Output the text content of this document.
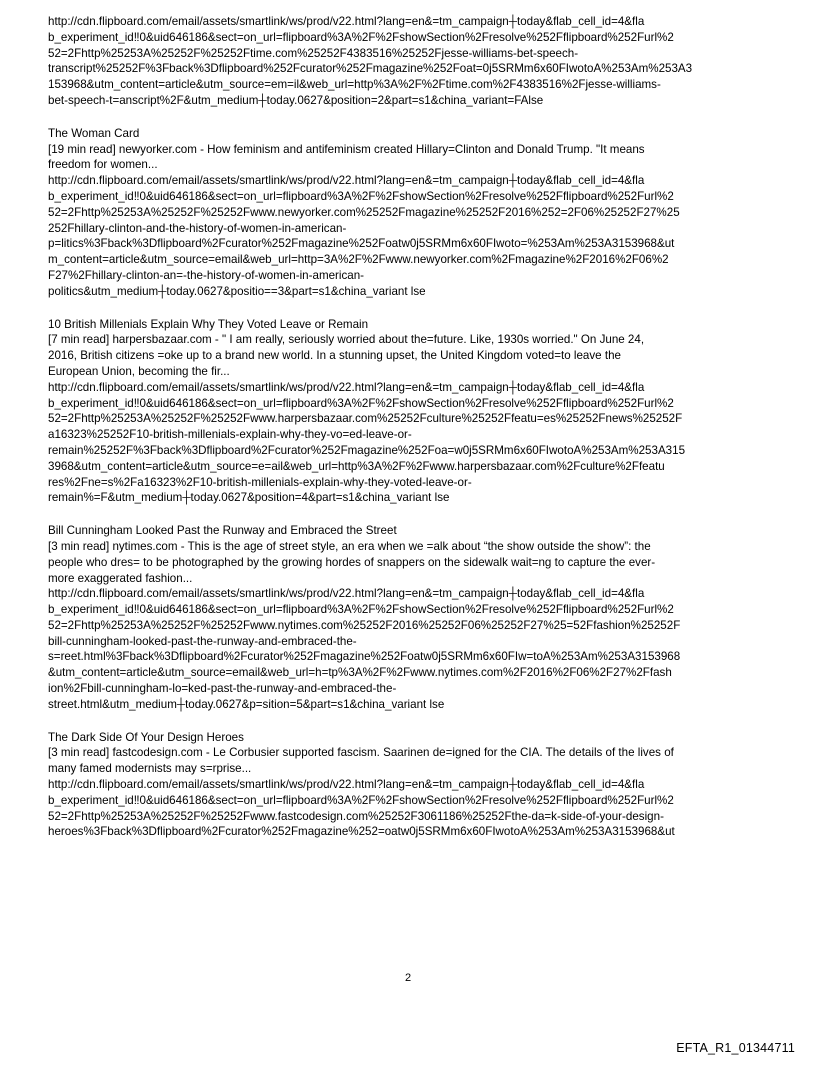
http://cdn.flipboard.com/email/assets/smartlink/ws/prod/v22.html?lang=en&=tm_campaign┼today&flab_cell_id=4&fla

b_experiment_id‼0&uid646186&sect=on_url=flipboard%3A%2F%2FshowSection%2Fresolve%252Fflipboard%252Furl%2

52=2Fhttp%25253A%25252F%25252Ftime.com%25252F4383516%25252Fjesse-williams-bet-speech-

transcript%25252F%3Fback%3Dflipboard%252Fcurator%252Fmagazine%252Foat=0j5SRMm6x60FIwotoA%253Am%253A3

153968&utm_content=article&utm_source=em=il&web_url=http%3A%2F%2Ftime.com%2F4383516%2Fjesse-williams-

bet-speech-t=anscript%2F&utm_medium┼today.0627&position=2&part=s1&china_variant=FAlse

The Woman Card

[19 min read] newyorker.com - How feminism and antifeminism created Hillary=Clinton and Donald Trump. "It means

freedom for women...

http://cdn.flipboard.com/email/assets/smartlink/ws/prod/v22.html?lang=en&=tm_campaign┼today&flab_cell_id=4&fla

b_experiment_id‼0&uid646186&sect=on_url=flipboard%3A%2F%2FshowSection%2Fresolve%252Fflipboard%252Furl%2

52=2Fhttp%25253A%25252F%25252Fwww.newyorker.com%25252Fmagazine%25252F2016%252=2F06%25252F27%25

252Fhillary-clinton-and-the-history-of-women-in-american-

p=litics%3Fback%3Dflipboard%2Fcurator%252Fmagazine%252Foatw0j5SRMm6x60FIwoto=%253Am%253A3153968&ut

m_content=article&utm_source=email&web_url=http=3A%2F%2Fwww.newyorker.com%2Fmagazine%2F2016%2F06%2

F27%2Fhillary-clinton-an=-the-history-of-women-in-american-

politics&utm_medium┼today.0627&positio==3&part=s1&china_variant lse

10 British Millenials Explain Why They Voted Leave or Remain

[7 min read] harpersbazaar.com - " I am really, seriously worried about the=future. Like, 1930s worried." On June 24,

2016, British citizens =oke up to a brand new world. In a stunning upset, the United Kingdom voted=to leave the

European Union, becoming the fir...

http://cdn.flipboard.com/email/assets/smartlink/ws/prod/v22.html?lang=en&=tm_campaign┼today&flab_cell_id=4&fla

b_experiment_id‼0&uid646186&sect=on_url=flipboard%3A%2F%2FshowSection%2Fresolve%252Fflipboard%252Furl%2

52=2Fhttp%25253A%25252F%25252Fwww.harpersbazaar.com%25252Fculture%25252Ffeatu=es%25252Fnews%25252F

a16323%25252F10-british-millenials-explain-why-they-vo=ed-leave-or-

remain%25252F%3Fback%3Dflipboard%2Fcurator%252Fmagazine%252Foa=w0j5SRMm6x60FIwotoA%253Am%253A315

3968&utm_content=article&utm_source=e=ail&web_url=http%3A%2F%2Fwww.harpersbazaar.com%2Fculture%2Ffeatu

res%2Fne=s%2Fa16323%2F10-british-millenials-explain-why-they-voted-leave-or-

remain%=F&utm_medium┼today.0627&position=4&part=s1&china_variant lse

Bill Cunningham Looked Past the Runway and Embraced the Street

[3 min read] nytimes.com - This is the age of street style, an era when we =alk about “the show outside the show”: the

people who dres= to be photographed by the growing hordes of snappers on the sidewalk wait=ng to capture the ever-

more exaggerated fashion...

http://cdn.flipboard.com/email/assets/smartlink/ws/prod/v22.html?lang=en&=tm_campaign┼today&flab_cell_id=4&fla

b_experiment_id‼0&uid646186&sect=on_url=flipboard%3A%2F%2FshowSection%2Fresolve%252Fflipboard%252Furl%2

52=2Fhttp%25253A%25252F%25252Fwww.nytimes.com%25252F2016%25252F06%25252F27%25=52Ffashion%25252F

bill-cunningham-looked-past-the-runway-and-embraced-the-

s=reet.html%3Fback%3Dflipboard%2Fcurator%252Fmagazine%252Foatw0j5SRMm6x60FIw=toA%253Am%253A3153968

&utm_content=article&utm_source=email&web_url=h=tp%3A%2F%2Fwww.nytimes.com%2F2016%2F06%2F27%2Ffash

ion%2Fbill-cunningham-lo=ked-past-the-runway-and-embraced-the-

street.html&utm_medium┼today.0627&p=sition=5&part=s1&china_variant lse

The Dark Side Of Your Design Heroes

[3 min read] fastcodesign.com - Le Corbusier supported fascism. Saarinen de=igned for the CIA. The details of the lives of

many famed modernists may s=rprise...

http://cdn.flipboard.com/email/assets/smartlink/ws/prod/v22.html?lang=en&=tm_campaign┼today&flab_cell_id=4&fla

b_experiment_id‼0&uid646186&sect=on_url=flipboard%3A%2F%2FshowSection%2Fresolve%252Fflipboard%252Furl%2

52=2Fhttp%25253A%25252F%25252Fwww.fastcodesign.com%25252F3061186%25252Fthe-da=k-side-of-your-design-

heroes%3Fback%3Dflipboard%2Fcurator%252Fmagazine%252=oatw0j5SRMm6x60FIwotoA%253Am%253A3153968&ut

2
EFTA_R1_01344711
